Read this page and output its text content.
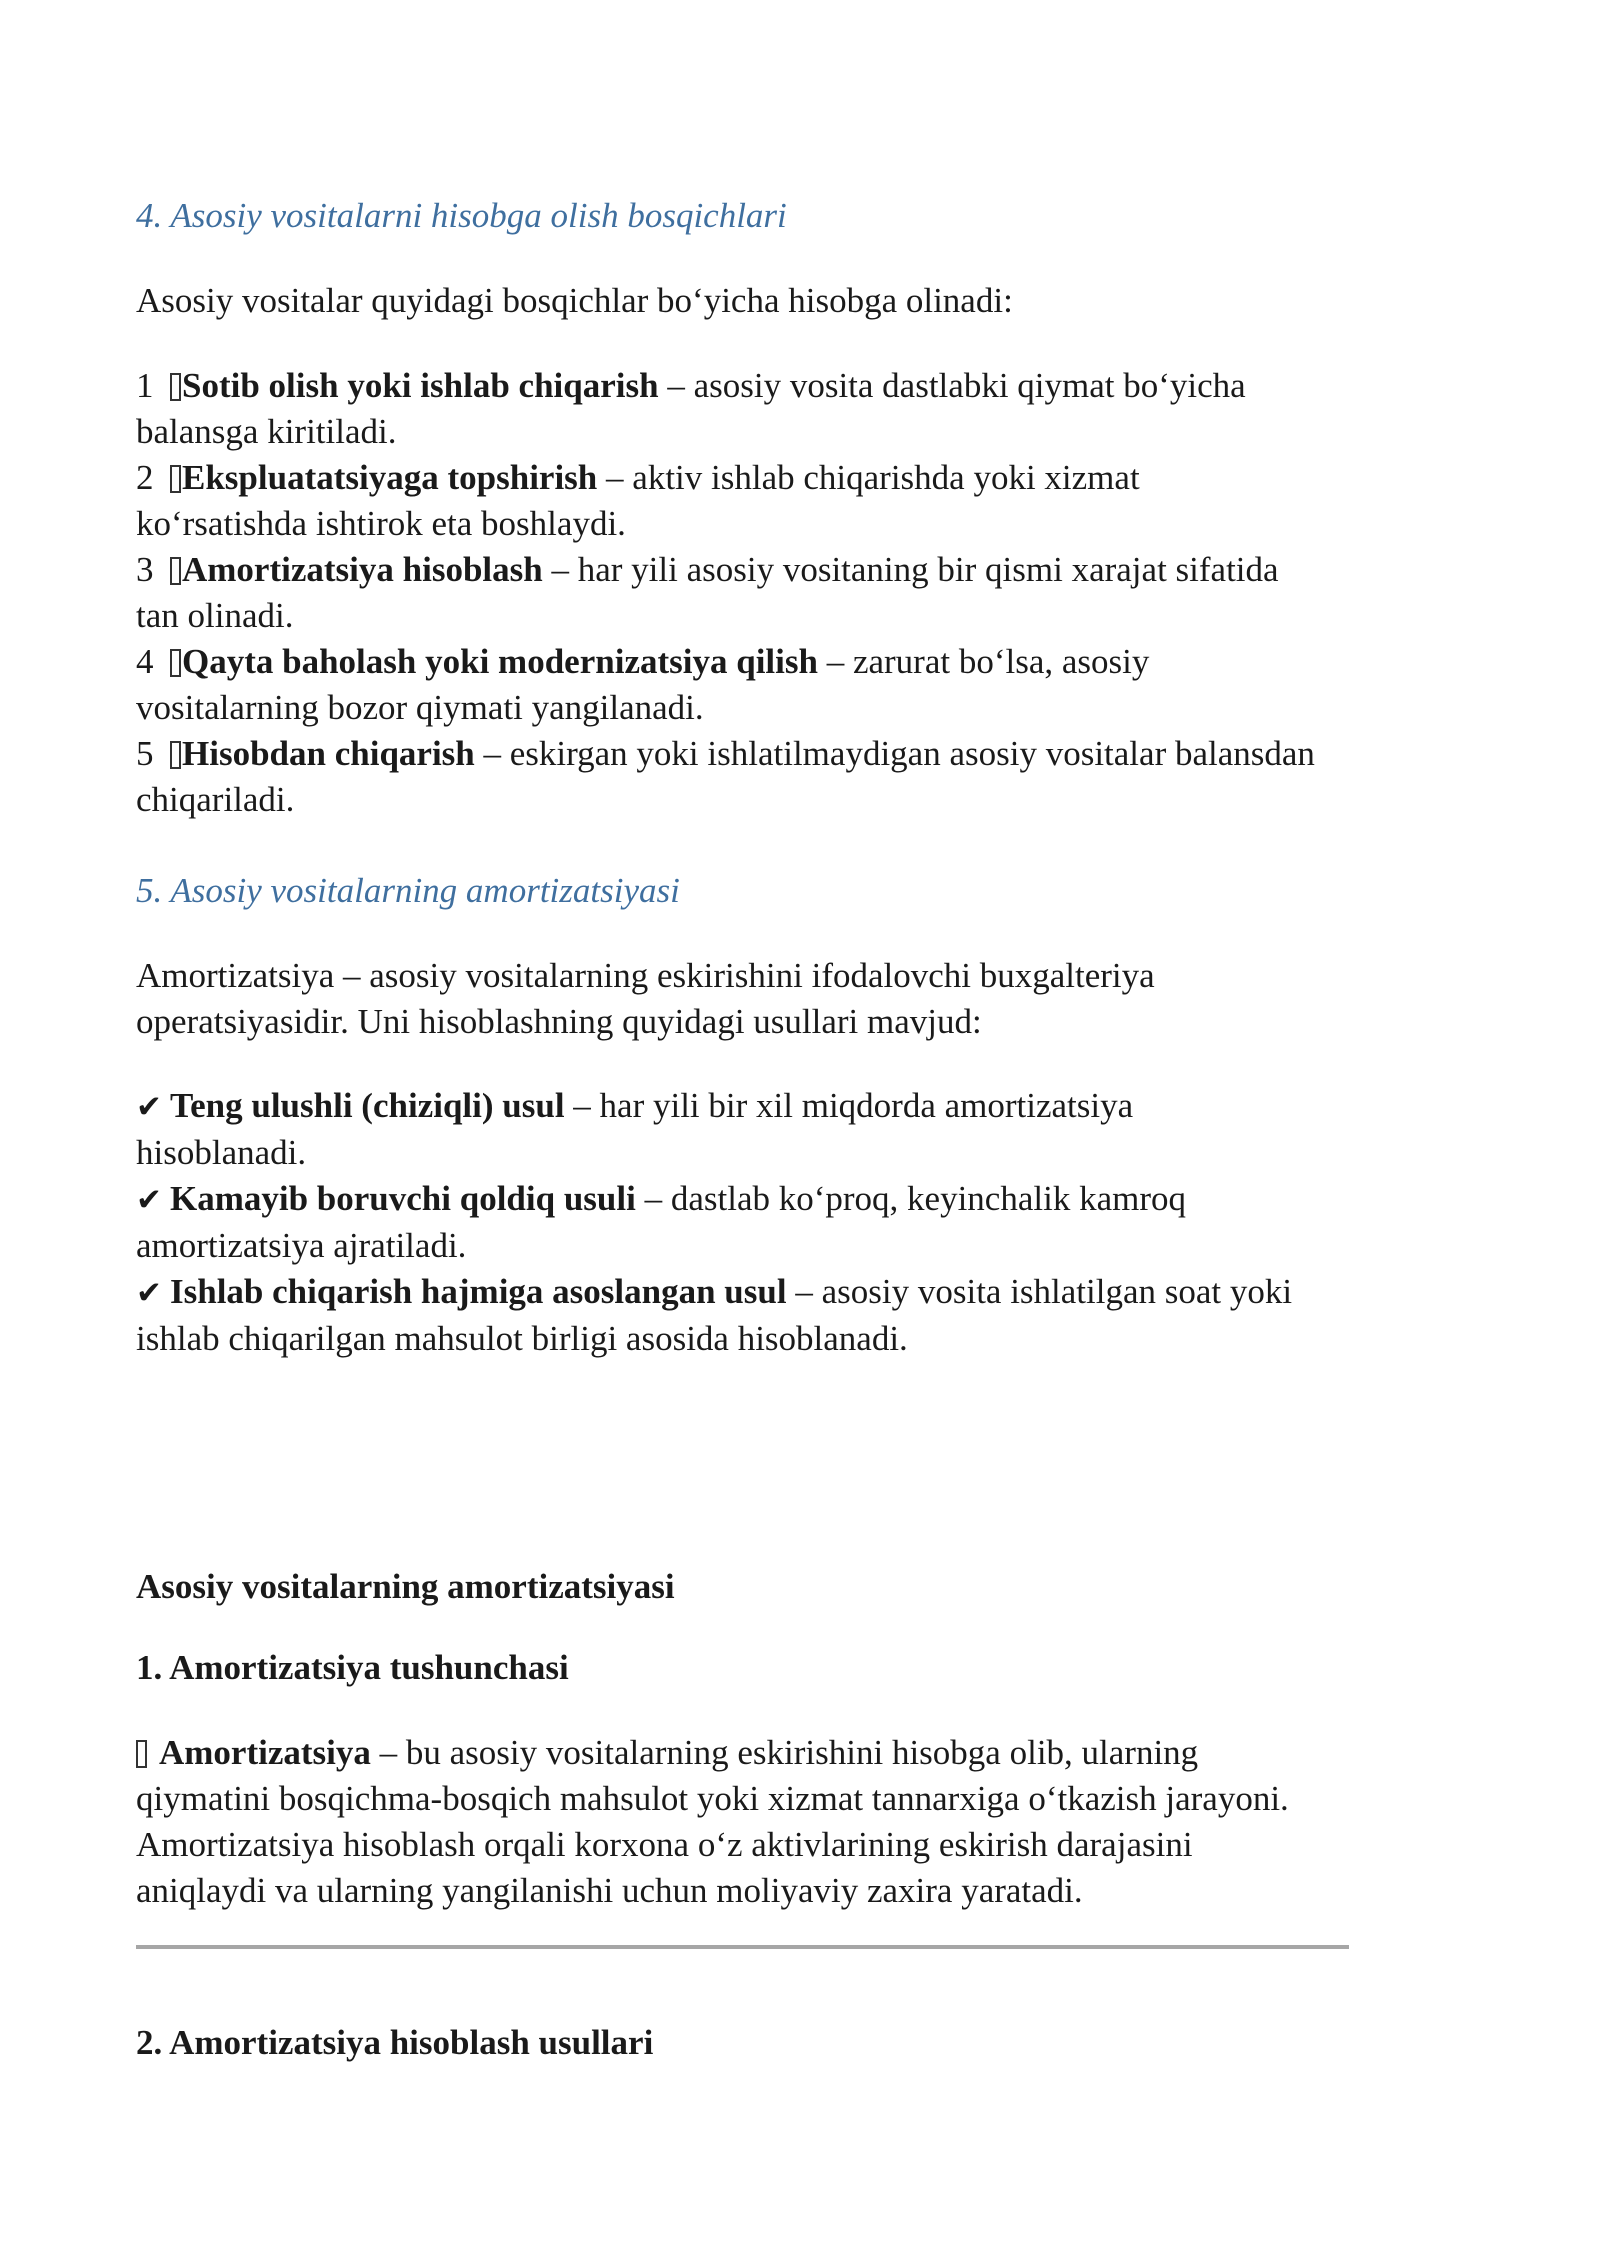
4. Asosiy vositalarni hisobga olish bosqichlari
Asosiy vositalar quyidagi bosqichlar bo‘yicha hisobga olinadi:
1 Sotib olish yoki ishlab chiqarish – asosiy vosita dastlabki qiymat bo‘yicha
balansga kiritiladi.
2 Ekspluatatsiyaga topshirish – aktiv ishlab chiqarishda yoki xizmat
ko‘rsatishda ishtirok eta boshlaydi.
3 Amortizatsiya hisoblash – har yili asosiy vositaning bir qismi xarajat sifatida
tan olinadi.
4 Qayta baholash yoki modernizatsiya qilish – zarurat bo‘lsa, asosiy
vositalarning bozor qiymati yangilanadi.
5 Hisobdan chiqarish – eskirgan yoki ishlatilmaydigan asosiy vositalar balansdan
chiqariladi.
5. Asosiy vositalarning amortizatsiyasi
Amortizatsiya – asosiy vositalarning eskirishini ifodalovchi buxgalteriya
operatsiyasidir. Uni hisoblashning quyidagi usullari mavjud:
✔ Teng ulushli (chiziqli) usul – har yili bir xil miqdorda amortizatsiya
hisoblanadi.
✔ Kamayib boruvchi qoldiq usuli – dastlab ko‘proq, keyinchalik kamroq
amortizatsiya ajratiladi.
✔ Ishlab chiqarish hajmiga asoslangan usul – asosiy vosita ishlatilgan soat yoki
ishlab chiqarilgan mahsulot birligi asosida hisoblanadi.
Asosiy vositalarning amortizatsiyasi
1. Amortizatsiya tushunchasi
Amortizatsiya – bu asosiy vositalarning eskirishini hisobga olib, ularning
qiymatini bosqichma-bosqich mahsulot yoki xizmat tannarxiga o‘tkazish jarayoni.
Amortizatsiya hisoblash orqali korxona o‘z aktivlarining eskirish darajasini
aniqlaydi va ularning yangilanishi uchun moliyaviy zaxira yaratadi.
2. Amortizatsiya hisoblash usullari
